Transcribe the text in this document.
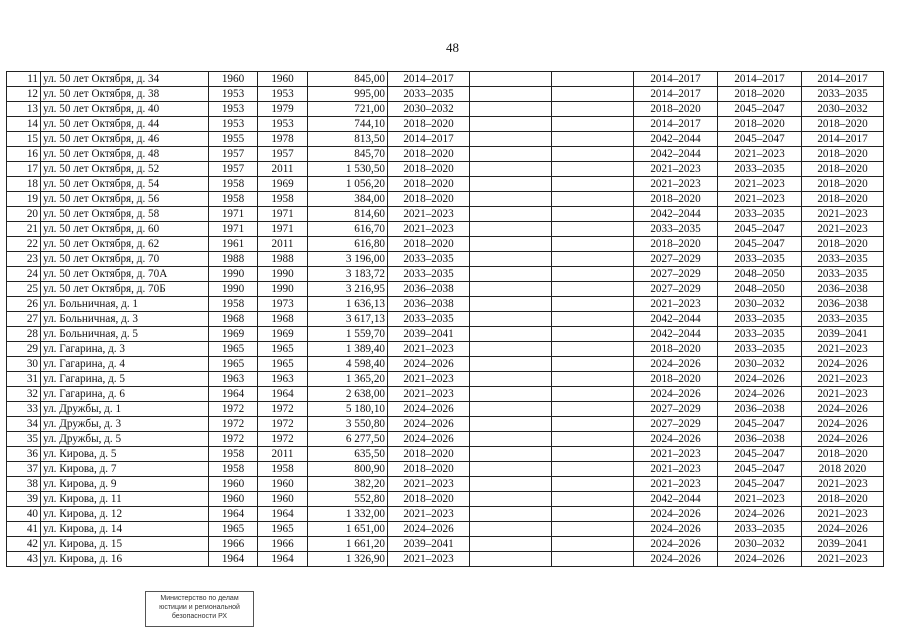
48
11	ул. 50 лет Октября, д. 34	1960	1960	845,00	2014–2017			2014–2017	2014–2017	2014–2017
12	ул. 50 лет Октября, д. 38	1953	1953	995,00	2033–2035			2014–2017	2018–2020	2033–2035
13	ул. 50 лет Октября, д. 40	1953	1979	721,00	2030–2032			2018–2020	2045–2047	2030–2032
14	ул. 50 лет Октября, д. 44	1953	1953	744,10	2018–2020			2014–2017	2018–2020	2018–2020
15	ул. 50 лет Октября, д. 46	1955	1978	813,50	2014–2017			2042–2044	2045–2047	2014–2017
16	ул. 50 лет Октября, д. 48	1957	1957	845,70	2018–2020			2042–2044	2021–2023	2018–2020
17	ул. 50 лет Октября, д. 52	1957	2011	1 530,50	2018–2020			2021–2023	2033–2035	2018–2020
18	ул. 50 лет Октября, д. 54	1958	1969	1 056,20	2018–2020			2021–2023	2021–2023	2018–2020
19	ул. 50 лет Октября, д. 56	1958	1958	384,00	2018–2020			2018–2020	2021–2023	2018–2020
20	ул. 50 лет Октября, д. 58	1971	1971	814,60	2021–2023			2042–2044	2033–2035	2021–2023
21	ул. 50 лет Октября, д. 60	1971	1971	616,70	2021–2023			2033–2035	2045–2047	2021–2023
22	ул. 50 лет Октября, д. 62	1961	2011	616,80	2018–2020			2018–2020	2045–2047	2018–2020
23	ул. 50 лет Октября, д. 70	1988	1988	3 196,00	2033–2035			2027–2029	2033–2035	2033–2035
24	ул. 50 лет Октября, д. 70А	1990	1990	3 183,72	2033–2035			2027–2029	2048–2050	2033–2035
25	ул. 50 лет Октября, д. 70Б	1990	1990	3 216,95	2036–2038			2027–2029	2048–2050	2036–2038
26	ул. Больничная, д. 1	1958	1973	1 636,13	2036–2038			2021–2023	2030–2032	2036–2038
27	ул. Больничная, д. 3	1968	1968	3 617,13	2033–2035			2042–2044	2033–2035	2033–2035
28	ул. Больничная, д. 5	1969	1969	1 559,70	2039–2041			2042–2044	2033–2035	2039–2041
29	ул. Гагарина, д. 3	1965	1965	1 389,40	2021–2023			2018–2020	2033–2035	2021–2023
30	ул. Гагарина, д. 4	1965	1965	4 598,40	2024–2026			2024–2026	2030–2032	2024–2026
31	ул. Гагарина, д. 5	1963	1963	1 365,20	2021–2023			2018–2020	2024–2026	2021–2023
32	ул. Гагарина, д. 6	1964	1964	2 638,00	2021–2023			2024–2026	2024–2026	2021–2023
33	ул. Дружбы, д. 1	1972	1972	5 180,10	2024–2026			2027–2029	2036–2038	2024–2026
34	ул. Дружбы, д. 3	1972	1972	3 550,80	2024–2026			2027–2029	2045–2047	2024–2026
35	ул. Дружбы, д. 5	1972	1972	6 277,50	2024–2026			2024–2026	2036–2038	2024–2026
36	ул. Кирова, д. 5	1958	2011	635,50	2018–2020			2021–2023	2045–2047	2018–2020
37	ул. Кирова, д. 7	1958	1958	800,90	2018–2020			2021–2023	2045–2047	2018 2020
38	ул. Кирова, д. 9	1960	1960	382,20	2021–2023			2021–2023	2045–2047	2021–2023
39	ул. Кирова, д. 11	1960	1960	552,80	2018–2020			2042–2044	2021–2023	2018–2020
40	ул. Кирова, д. 12	1964	1964	1 332,00	2021–2023			2024–2026	2024–2026	2021–2023
41	ул. Кирова, д. 14	1965	1965	1 651,00	2024–2026			2024–2026	2033–2035	2024–2026
42	ул. Кирова, д. 15	1966	1966	1 661,20	2039–2041			2024–2026	2030–2032	2039–2041
43	ул. Кирова, д. 16	1964	1964	1 326,90	2021–2023			2024–2026	2024–2026	2021–2023
Министерство по делам
юстиции и региональной
безопасности РХ
